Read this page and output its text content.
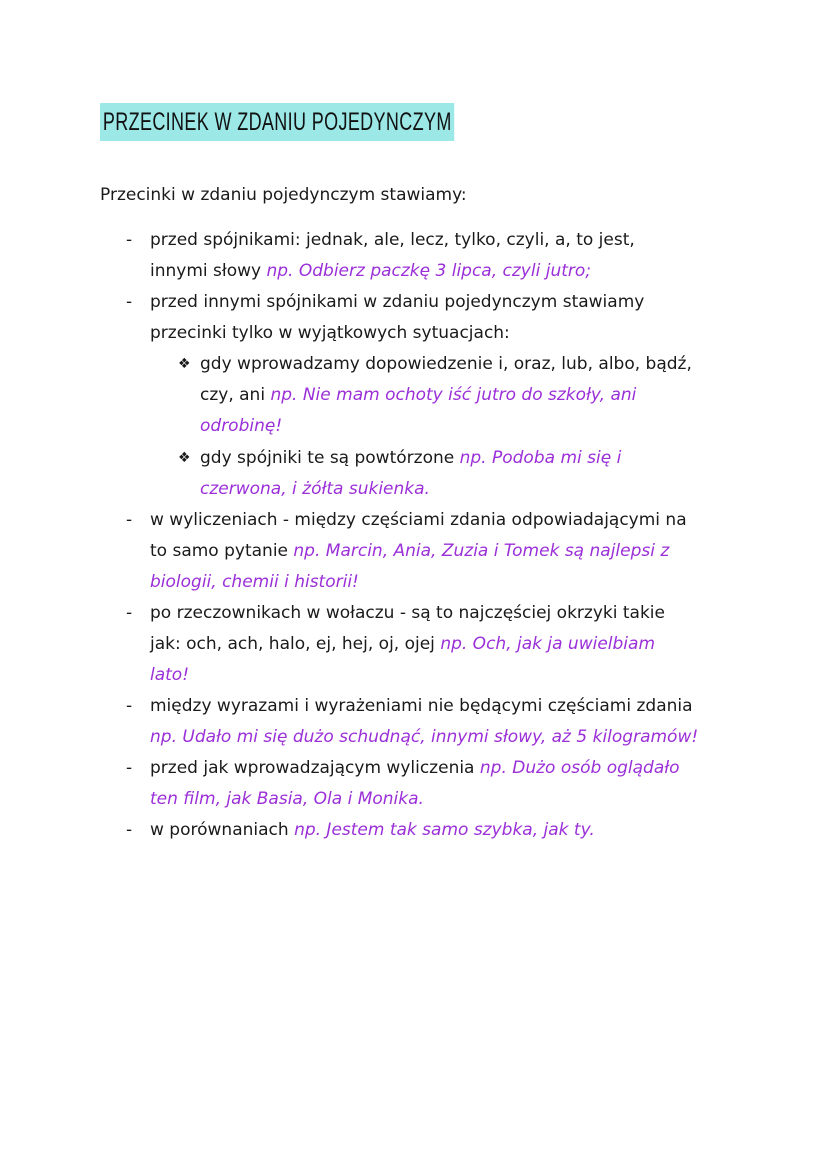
PRZECINEK W ZDANIU POJEDYNCZYM
Przecinki w zdaniu pojedynczym stawiamy:
-	przed spójnikami: jednak, ale, lecz, tylko, czyli, a, to jest,
innymi słowy np. Odbierz paczkę 3 lipca, czyli jutro;
-	przed innymi spójnikami w zdaniu pojedynczym stawiamy
przecinki tylko w wyjątkowych sytuacjach:
❖ gdy wprowadzamy dopowiedzenie i, oraz, lub, albo, bądź,
czy, ani np. Nie mam ochoty iść jutro do szkoły, ani
odrobinę!
❖ gdy spójniki te są powtórzone np. Podoba mi się i
czerwona, i żółta sukienka.
-	w wyliczeniach - między częściami zdania odpowiadającymi na
to samo pytanie np. Marcin, Ania, Zuzia i Tomek są najlepsi z
biologii, chemii i historii!
-	po rzeczownikach w wołaczu - są to najczęściej okrzyki takie
jak: och, ach, halo, ej, hej, oj, ojej np. Och, jak ja uwielbiam
lato!
-	między wyrazami i wyrażeniami nie będącymi częściami zdania
np. Udało mi się dużo schudnąć, innymi słowy, aż 5 kilogramów!
-	przed jak wprowadzającym wyliczenia np. Dużo osób oglądało
ten film, jak Basia, Ola i Monika.
-	w porównaniach np. Jestem tak samo szybka, jak ty.
